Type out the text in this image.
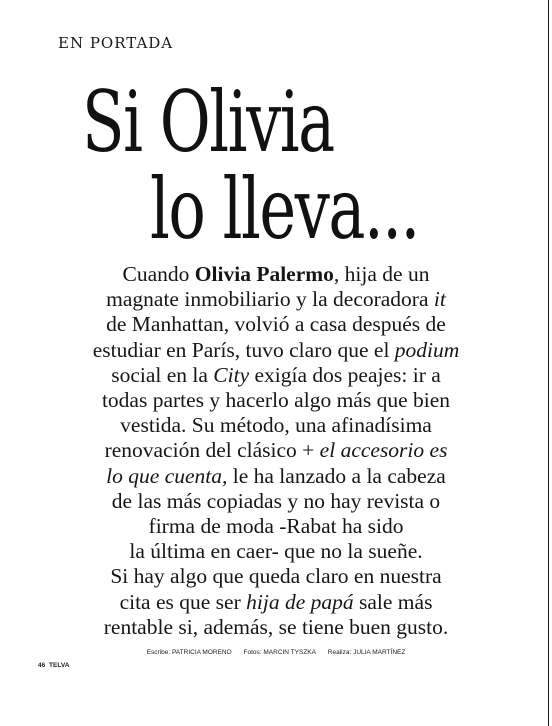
EN PORTADA
Si Olivia
lo lleva...
Cuando Olivia Palermo, hija de un
magnate inmobiliario y la decoradora it
de Manhattan, volvió a casa después de
estudiar en París, tuvo claro que el podium
social en la City exigía dos peajes: ir a
todas partes y hacerlo algo más que bien
vestida. Su método, una afinadísima
renovación del clásico + el accesorio es
lo que cuenta, le ha lanzado a la cabeza
de las más copiadas y no hay revista o
firma de moda -Rabat ha sido
la última en caer- que no la sueñe.
Si hay algo que queda claro en nuestra
cita es que ser hija de papá sale más
rentable si, además, se tiene buen gusto.
Escribe: PATRICIA MORENO Fotos: MARCIN TYSZKA Realiza: JULIA MARTÍNEZ
46 TELVA
